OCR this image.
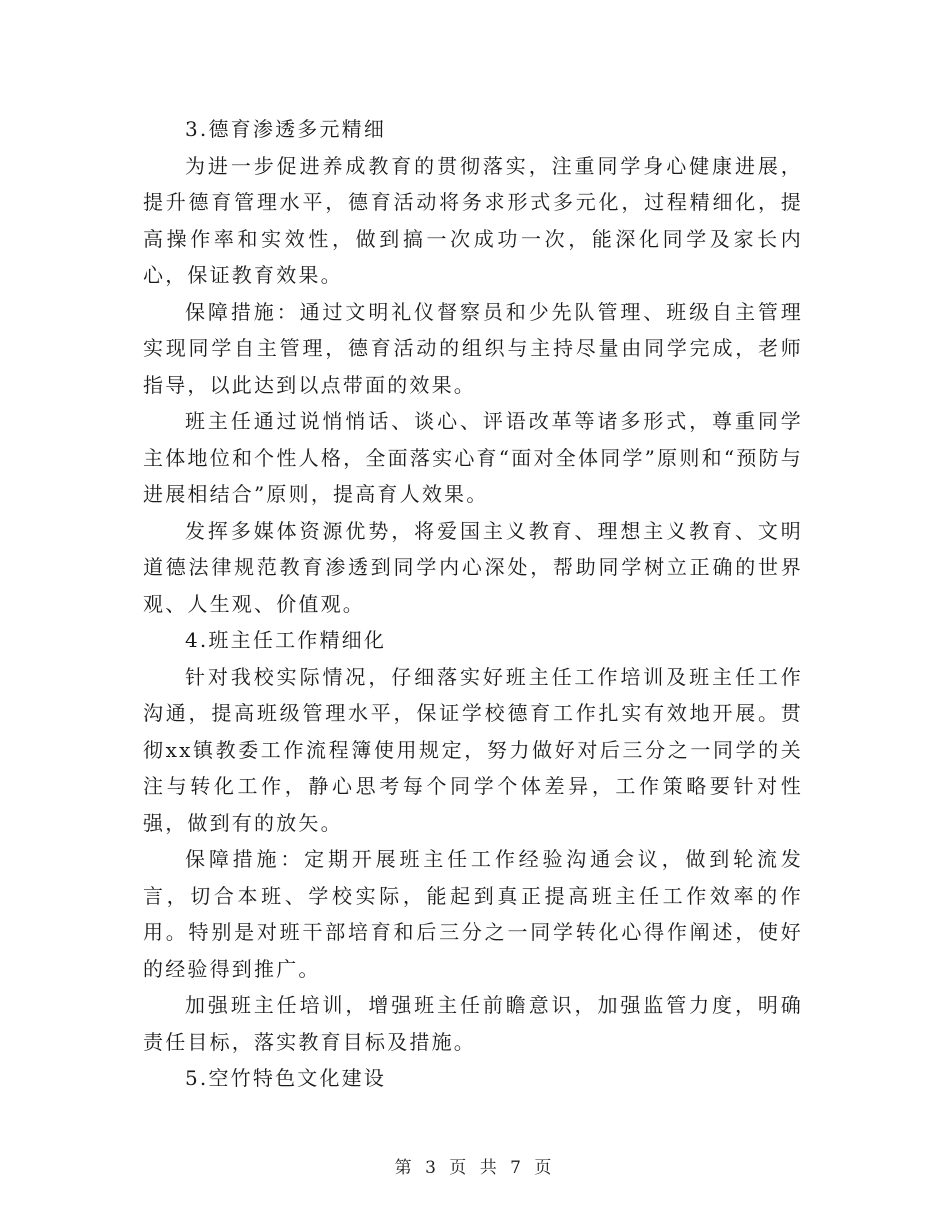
3.德育渗透多元精细

为进一步促进养成教育的贯彻落实，注重同学身心健康进展，提升德育管理水平，德育活动将务求形式多元化，过程精细化，提高操作率和实效性，做到搞一次成功一次，能深化同学及家长内心，保证教育效果。

保障措施：通过文明礼仪督察员和少先队管理、班级自主管理实现同学自主管理，德育活动的组织与主持尽量由同学完成，老师指导，以此达到以点带面的效果。

班主任通过说悄悄话、谈心、评语改革等诸多形式，尊重同学主体地位和个性人格，全面落实心育“面对全体同学”原则和“预防与进展相结合”原则，提高育人效果。

发挥多媒体资源优势，将爱国主义教育、理想主义教育、文明道德法律规范教育渗透到同学内心深处，帮助同学树立正确的世界观、人生观、价值观。

4.班主任工作精细化

针对我校实际情况，仔细落实好班主任工作培训及班主任工作沟通，提高班级管理水平，保证学校德育工作扎实有效地开展。贯彻xx镇教委工作流程簿使用规定，努力做好对后三分之一同学的关注与转化工作，静心思考每个同学个体差异，工作策略要针对性强，做到有的放矢。

保障措施：定期开展班主任工作经验沟通会议，做到轮流发言，切合本班、学校实际，能起到真正提高班主任工作效率的作用。特别是对班干部培育和后三分之一同学转化心得作阐述，使好的经验得到推广。

加强班主任培训，增强班主任前瞻意识，加强监管力度，明确责任目标，落实教育目标及措施。

5.空竹特色文化建设

第 3 页 共 7 页
